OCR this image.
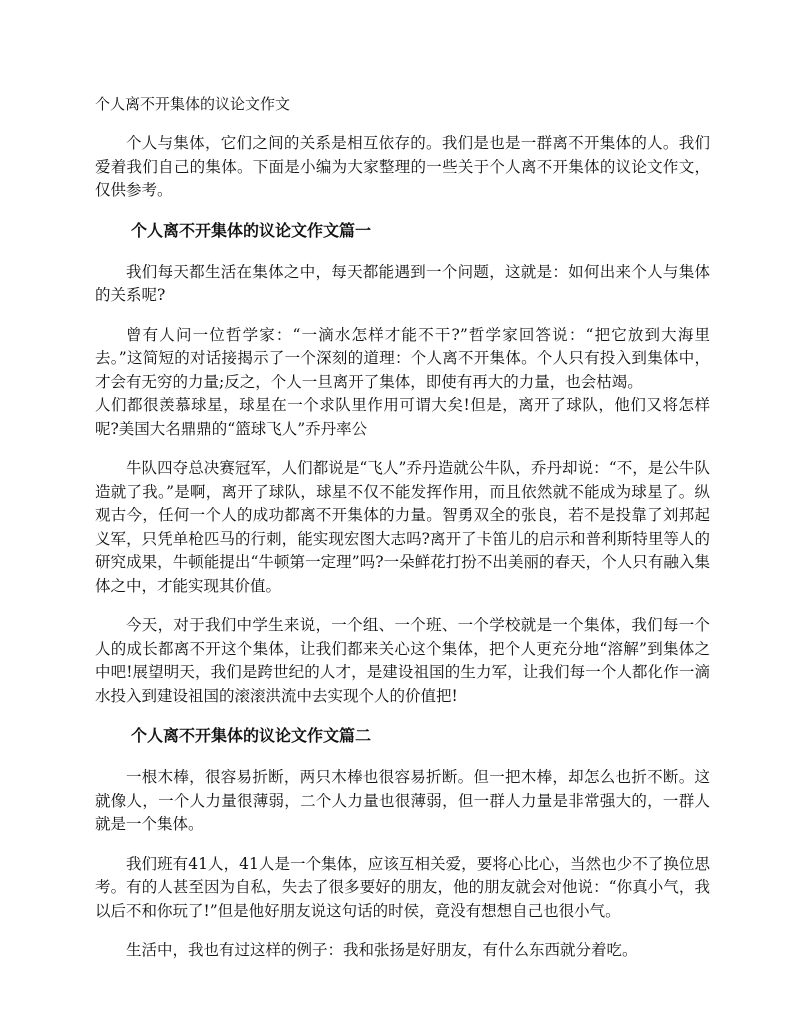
个人离不开集体的议论文作文

个人与集体，它们之间的关系是相互依存的。我们是也是一群离不开集体的人。我们爱着我们自己的集体。下面是小编为大家整理的一些关于个人离不开集体的议论文作文，仅供参考。

个人离不开集体的议论文作文篇一

我们每天都生活在集体之中，每天都能遇到一个问题，这就是：如何出来个人与集体的关系呢?

曾有人问一位哲学家：“一滴水怎样才能不干?”哲学家回答说：“把它放到大海里去。”这简短的对话接揭示了一个深刻的道理：个人离不开集体。个人只有投入到集体中，才会有无穷的力量;反之，个人一旦离开了集体，即使有再大的力量，也会枯竭。

人们都很羡慕球星，球星在一个求队里作用可谓大矣!但是，离开了球队，他们又将怎样呢?美国大名鼎鼎的“篮球飞人”乔丹率公

牛队四夺总决赛冠军，人们都说是“飞人”乔丹造就公牛队，乔丹却说：“不，是公牛队造就了我。”是啊，离开了球队，球星不仅不能发挥作用，而且依然就不能成为球星了。纵观古今，任何一个人的成功都离不开集体的力量。智勇双全的张良，若不是投靠了刘邦起义军，只凭单枪匹马的行刺，能实现宏图大志吗?离开了卡笛儿的启示和普利斯特里等人的研究成果，牛顿能提出“牛顿第一定理”吗?一朵鲜花打扮不出美丽的春天，个人只有融入集体之中，才能实现其价值。

今天，对于我们中学生来说，一个组、一个班、一个学校就是一个集体，我们每一个人的成长都离不开这个集体，让我们都来关心这个集体，把个人更充分地“溶解”到集体之中吧!展望明天，我们是跨世纪的人才，是建设祖国的生力军，让我们每一个人都化作一滴水投入到建设祖国的滚滚洪流中去实现个人的价值把!

个人离不开集体的议论文作文篇二

一根木棒，很容易折断，两只木棒也很容易折断。但一把木棒，却怎么也折不断。这就像人，一个人力量很薄弱，二个人力量也很薄弱，但一群人力量是非常强大的，一群人就是一个集体。

我们班有41人，41人是一个集体，应该互相关爱，要将心比心，当然也少不了换位思考。有的人甚至因为自私，失去了很多要好的朋友，他的朋友就会对他说：“你真小气，我以后不和你玩了!”但是他好朋友说这句话的时侯，竟没有想想自己也很小气。

生活中，我也有过这样的例子：我和张扬是好朋友，有什么东西就分着吃。
